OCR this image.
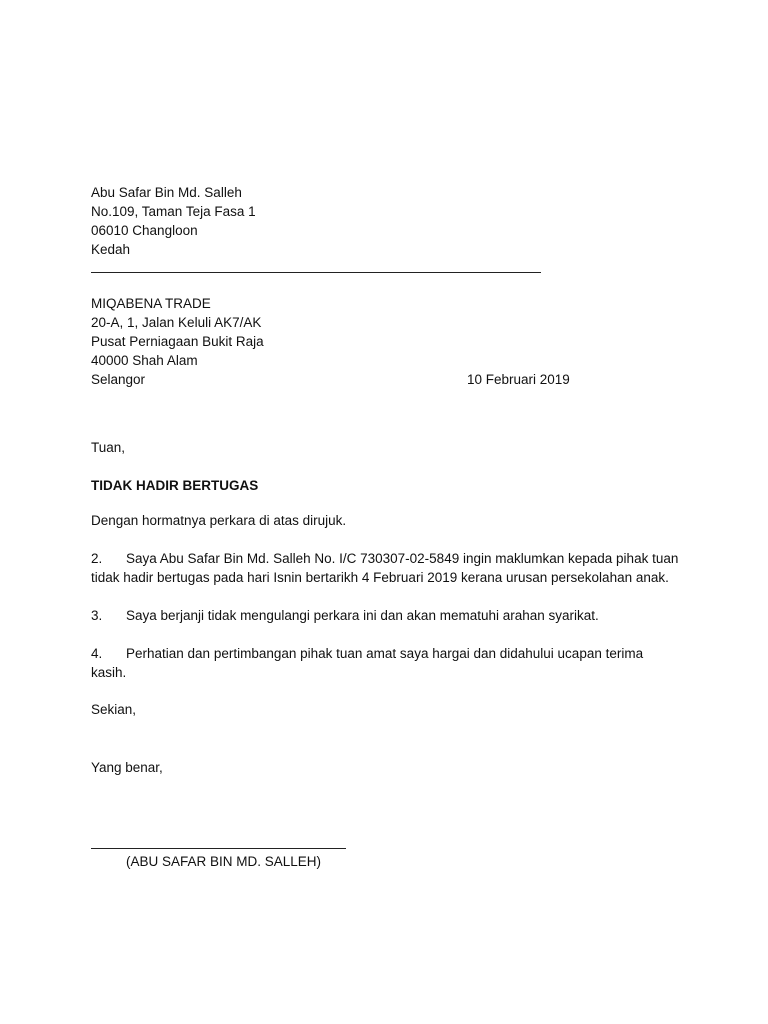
Abu Safar Bin Md. Salleh
No.109, Taman Teja Fasa 1
06010 Changloon
Kedah
MIQABENA TRADE
20-A, 1, Jalan Keluli AK7/AK
Pusat Perniagaan Bukit Raja
40000 Shah Alam
Selangor	10 Februari 2019
Tuan,
TIDAK HADIR BERTUGAS
Dengan hormatnya perkara di atas dirujuk.
2. Saya Abu Safar Bin Md. Salleh No. I/C 730307-02-5849 ingin maklumkan kepada pihak tuan
tidak hadir bertugas pada hari Isnin bertarikh 4 Februari 2019 kerana urusan persekolahan anak.
3. Saya berjanji tidak mengulangi perkara ini dan akan mematuhi arahan syarikat.
4. Perhatian dan pertimbangan pihak tuan amat saya hargai dan didahului ucapan terima
kasih.
Sekian,
Yang benar,
(ABU SAFAR BIN MD. SALLEH)
